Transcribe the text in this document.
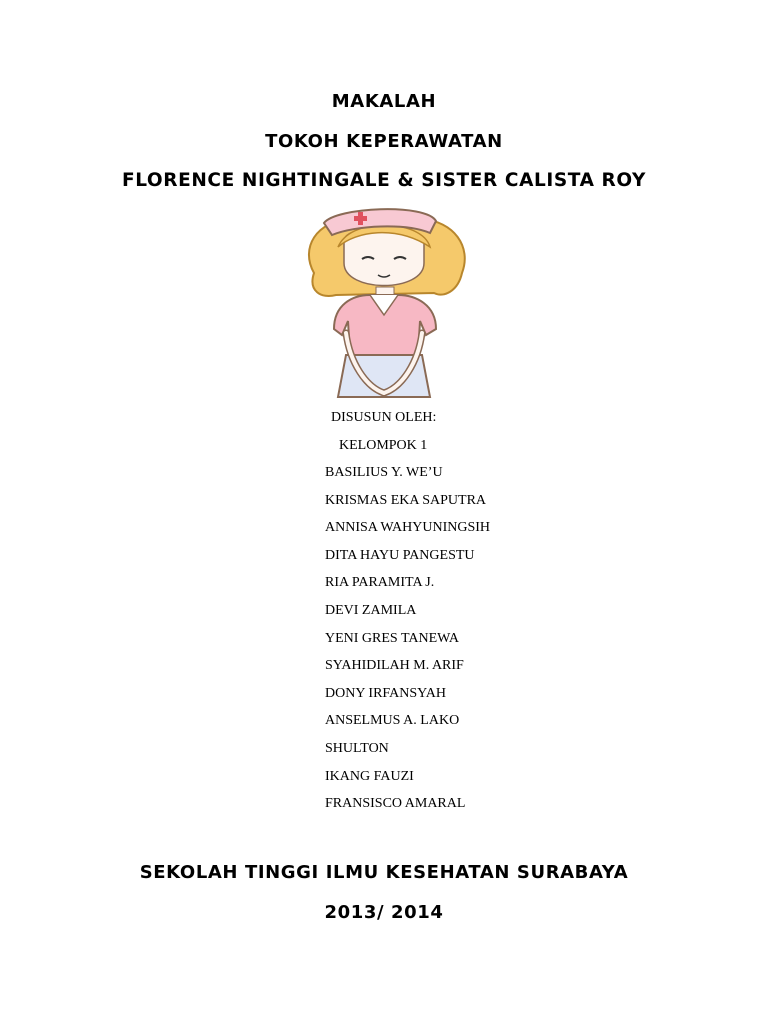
MAKALAH
TOKOH KEPERAWATAN
FLORENCE NIGHTINGALE & SISTER CALISTA ROY
DISUSUN OLEH:
KELOMPOK 1
BASILIUS Y. WE’U
KRISMAS EKA SAPUTRA
ANNISA WAHYUNINGSIH
DITA HAYU PANGESTU
RIA PARAMITA J.
DEVI ZAMILA
YENI GRES TANEWA
SYAHIDILAH M. ARIF
DONY IRFANSYAH
ANSELMUS A. LAKO
SHULTON
IKANG FAUZI
FRANSISCO AMARAL
SEKOLAH TINGGI ILMU KESEHATAN SURABAYA
2013/ 2014
